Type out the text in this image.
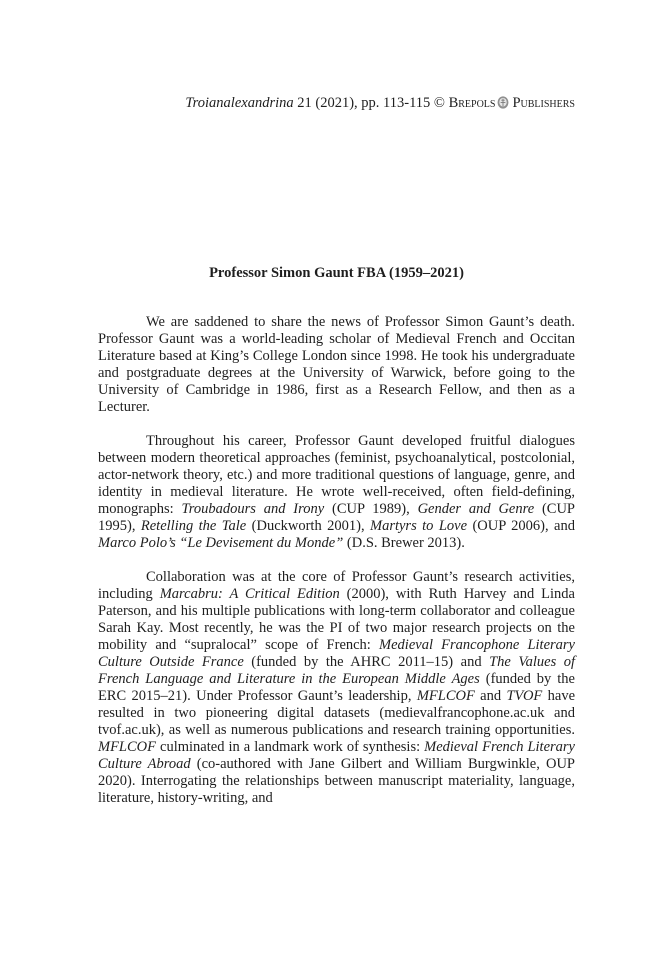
Troianalexandrina 21 (2021), pp. 113-115 © Brepols Publishers
Professor Simon Gaunt FBA (1959–2021)

We are saddened to share the news of Professor Simon Gaunt’s death. Professor Gaunt was a world-leading scholar of Medieval French and Occitan Literature based at King’s College London since 1998. He took his undergraduate and postgraduate degrees at the University of Warwick, before going to the University of Cambridge in 1986, first as a Research Fellow, and then as a Lecturer.

Throughout his career, Professor Gaunt developed fruitful dialogues between modern theoretical approaches (feminist, psychoanalytical, postcolonial, actor-network theory, etc.) and more traditional questions of language, genre, and identity in medieval literature. He wrote well-received, often field-defining, monographs: Troubadours and Irony (CUP 1989), Gender and Genre (CUP 1995), Retelling the Tale (Duckworth 2001), Martyrs to Love (OUP 2006), and Marco Polo’s “Le Devisement du Monde” (D.S. Brewer 2013).

Collaboration was at the core of Professor Gaunt’s research activities, including Marcabru: A Critical Edition (2000), with Ruth Harvey and Linda Paterson, and his multiple publications with long-term collaborator and colleague Sarah Kay. Most recently, he was the PI of two major research projects on the mobility and “supralocal” scope of French: Medieval Francophone Literary Culture Outside France (funded by the AHRC 2011–15) and The Values of French Language and Literature in the European Middle Ages (funded by the ERC 2015–21). Under Professor Gaunt’s leadership, MFLCOF and TVOF have resulted in two pioneering digital datasets (medievalfrancophone.ac.uk and tvof.ac.uk), as well as numerous publications and research training opportunities. MFLCOF culminated in a landmark work of synthesis: Medieval French Literary Culture Abroad (co-authored with Jane Gilbert and William Burgwinkle, OUP 2020). Interrogating the relationships between manuscript materiality, language, literature, history-writing, and
